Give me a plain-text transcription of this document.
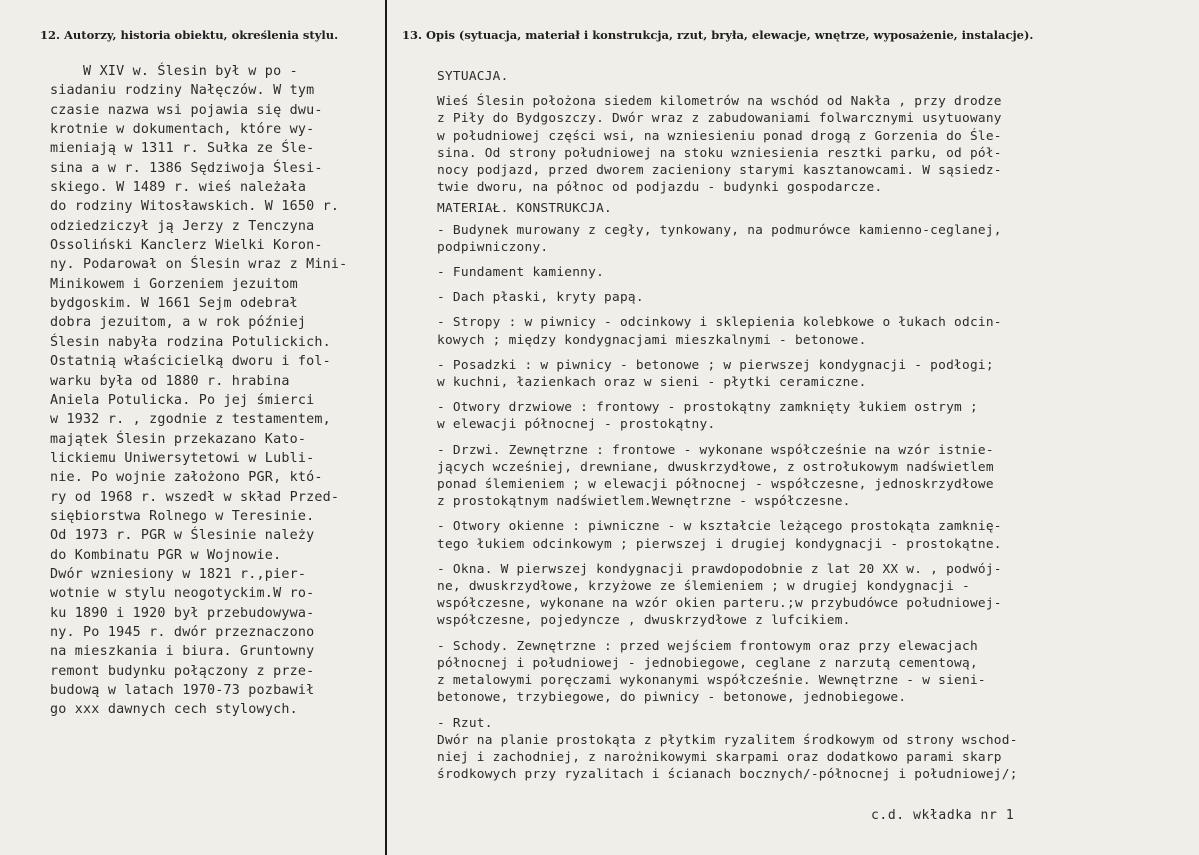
12. Autorzy, historia obiektu, określenia stylu.	13. Opis (sytuacja, materiał i konstrukcja, rzut, bryła, elewacje, wnętrze, wyposażenie, instalacje).
W XIV w. Ślesin był w po -
siadaniu rodziny Nałęczów. W tym
czasie nazwa wsi pojawia się dwu-
krotnie w dokumentach, które wy-
mieniają w 1311 r. Sułka ze Śle-
sina a w r. 1386 Sędziwoja Ślesi-
skiego. W 1489 r. wieś należała
do rodziny Witosławskich. W 1650 r.
odziedziczył ją Jerzy z Tenczyna
Ossoliński Kanclerz Wielki Koron-
ny. Podarował on Ślesin wraz z Mini-
Minikowem i Gorzeniem jezuitom
bydgoskim. W 1661 Sejm odebrał
dobra jezuitom, a w rok później
Ślesin nabyła rodzina Potulickich.
Ostatnią właścicielką dworu i fol-
warku była od 1880 r. hrabina
Aniela Potulicka. Po jej śmierci
w 1932 r. , zgodnie z testamentem,
majątek Ślesin przekazano Kato-
lickiemu Uniwersytetowi w Lubli-
nie. Po wojnie założono PGR, któ-
ry od 1968 r. wszedł w skład Przed-
siębiorstwa Rolnego w Teresinie.
Od 1973 r. PGR w Ślesinie należy
do Kombinatu PGR w Wojnowie.
Dwór wzniesiony w 1821 r.,pier-
wotnie w stylu neogotyckim.W ro-
ku 1890 i 1920 był przebudowywa-
ny. Po 1945 r. dwór przeznaczono
na mieszkania i biura. Gruntowny
remont budynku połączony z prze-
budową w latach 1970-73 pozbawił
go xxx dawnych cech stylowych.
SYTUACJA.
Wieś Ślesin położona siedem kilometrów na wschód od Nakła , przy drodze
z Piły do Bydgoszczy. Dwór wraz z zabudowaniami folwarcznymi usytuowany
w południowej części wsi, na wzniesieniu ponad drogą z Gorzenia do Śle-
sina. Od strony południowej na stoku wzniesienia resztki parku, od pół-
nocy podjazd, przed dworem zacieniony starymi kasztanowcami. W sąsiedz-
twie dworu, na północ od podjazdu - budynki gospodarcze.
MATERIAŁ. KONSTRUKCJA.
- Budynek murowany z cegły, tynkowany, na podmurówce kamienno-ceglanej,
podpiwniczony.
- Fundament kamienny.
- Dach płaski, kryty papą.
- Stropy : w piwnicy - odcinkowy i sklepienia kolebkowe o łukach odcin-
kowych ; między kondygnacjami mieszkalnymi - betonowe.
- Posadzki : w piwnicy - betonowe ; w pierwszej kondygnacji - podłogi;
w kuchni, łazienkach oraz w sieni - płytki ceramiczne.
- Otwory drzwiowe : frontowy - prostokątny zamknięty łukiem ostrym ;
w elewacji północnej - prostokątny.
- Drzwi. Zewnętrzne : frontowe - wykonane współcześnie na wzór istnie-
jących wcześniej, drewniane, dwuskrzydłowe, z ostrołukowym nadświetlem
ponad ślemieniem ; w elewacji północnej - współczesne, jednoskrzydłowe
z prostokątnym nadświetlem.Wewnętrzne - współczesne.
- Otwory okienne : piwniczne - w kształcie leżącego prostokąta zamknię-
tego łukiem odcinkowym ; pierwszej i drugiej kondygnacji - prostokątne.
- Okna. W pierwszej kondygnacji prawdopodobnie z lat 20 XX w. , podwój-
ne, dwuskrzydłowe, krzyżowe ze ślemieniem ; w drugiej kondygnacji -
współczesne, wykonane na wzór okien parteru.;w przybudówce południowej-
współczesne, pojedyncze , dwuskrzydłowe z lufcikiem.
- Schody. Zewnętrzne : przed wejściem frontowym oraz przy elewacjach
północnej i południowej - jednobiegowe, ceglane z narzutą cementową,
z metalowymi poręczami wykonanymi współcześnie. Wewnętrzne - w sieni-
betonowe, trzybiegowe, do piwnicy - betonowe, jednobiegowe.
- Rzut.
Dwór na planie prostokąta z płytkim ryzalitem środkowym od strony wschod-
niej i zachodniej, z narożnikowymi skarpami oraz dodatkowo parami skarp
środkowych przy ryzalitach i ścianach bocznych/-północnej i południowej/;
c.d. wkładka nr 1
